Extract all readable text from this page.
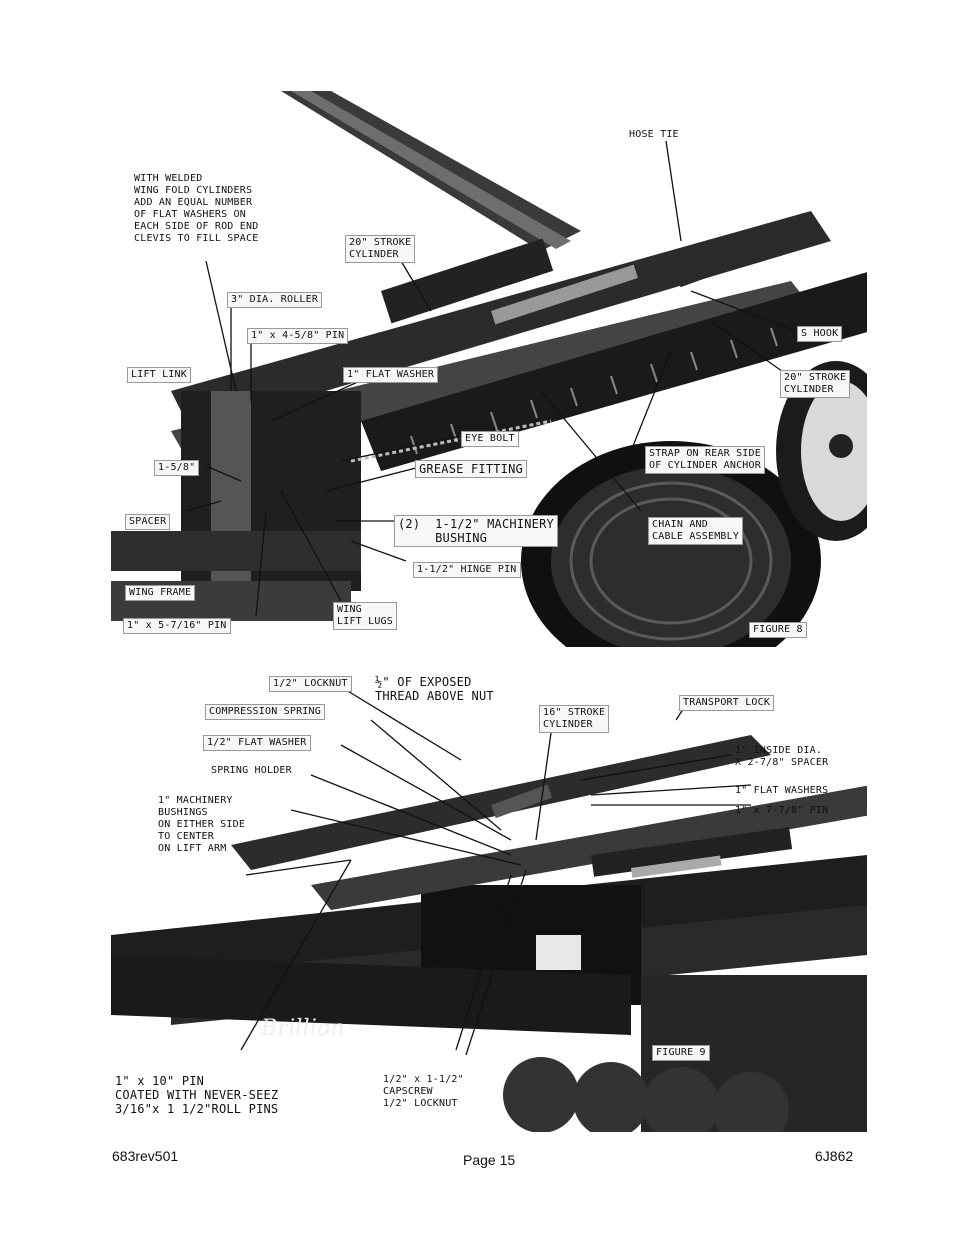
HOSE TIE
WITH WELDED
WING FOLD CYLINDERS
ADD AN EQUAL NUMBER
OF FLAT WASHERS ON
EACH SIDE OF ROD END
CLEVIS TO FILL SPACE	20" STROKE
CYLINDER
3" DIA. ROLLER
1" x 4-5/8" PIN	S HOOK
LIFT LINK	1" FLAT WASHER	20" STROKE
CYLINDER
EYE BOLT
STRAP ON REAR SIDE
OF CYLINDER ANCHOR
1-5/8"	GREASE FITTING
SPACER	(2)  1-1/2" MACHINERY
BUSHING
CHAIN AND
CABLE ASSEMBLY
1-1/2" HINGE PIN
WING FRAME
WING
LIFT LUGS
1" x 5-7/16" PIN	FIGURE 8
1/2" LOCKNUT	½" OF EXPOSED
THREAD ABOVE NUT	TRANSPORT LOCK
COMPRESSION SPRING	16" STROKE
CYLINDER
1/2" FLAT WASHER
1" INSIDE DIA.
X 2-7/8" SPACER
SPRING HOLDER
1" FLAT WASHERS
1" MACHINERY
BUSHINGS
ON EITHER SIDE
TO CENTER
ON LIFT ARM
1" x 7-7/8" PIN
Brillion
FIGURE 9
1" x 10" PIN
COATED WITH NEVER-SEEZ
3/16"x 1 1/2"ROLL PINS
1/2" x 1-1/2"
CAPSCREW
1/2" LOCKNUT
683rev501	Page 15	6J862
